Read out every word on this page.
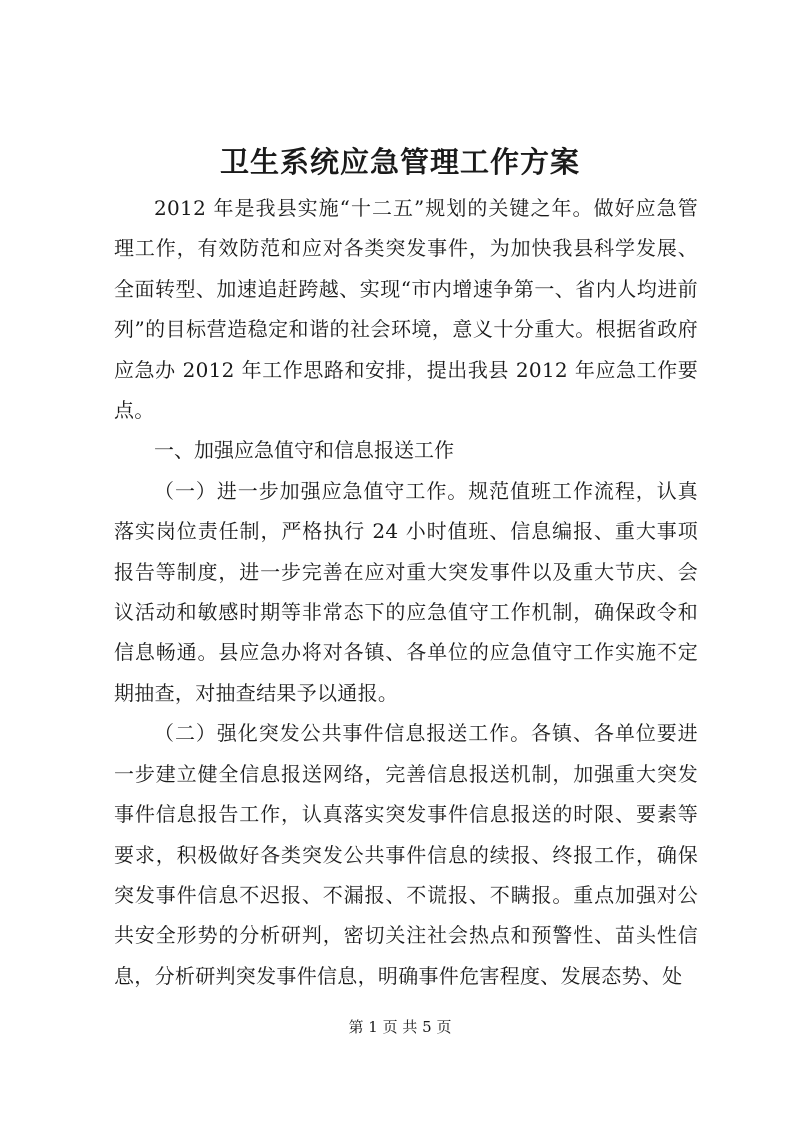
卫生系统应急管理工作方案

2012 年是我县实施“十二五”规划的关键之年。做好应急管理工作，有效防范和应对各类突发事件，为加快我县科学发展、全面转型、加速追赶跨越、实现“市内增速争第一、省内人均进前列”的目标营造稳定和谐的社会环境，意义十分重大。根据省政府应急办 2012 年工作思路和安排，提出我县 2012 年应急工作要点。

一、加强应急值守和信息报送工作

（一）进一步加强应急值守工作。规范值班工作流程，认真落实岗位责任制，严格执行 24 小时值班、信息编报、重大事项报告等制度，进一步完善在应对重大突发事件以及重大节庆、会议活动和敏感时期等非常态下的应急值守工作机制，确保政令和信息畅通。县应急办将对各镇、各单位的应急值守工作实施不定期抽查，对抽查结果予以通报。

（二）强化突发公共事件信息报送工作。各镇、各单位要进一步建立健全信息报送网络，完善信息报送机制，加强重大突发事件信息报告工作，认真落实突发事件信息报送的时限、要素等要求，积极做好各类突发公共事件信息的续报、终报工作，确保突发事件信息不迟报、不漏报、不谎报、不瞒报。重点加强对公共安全形势的分析研判，密切关注社会热点和预警性、苗头性信息，分析研判突发事件信息，明确事件危害程度、发展态势、处

第 1 页 共 5 页
